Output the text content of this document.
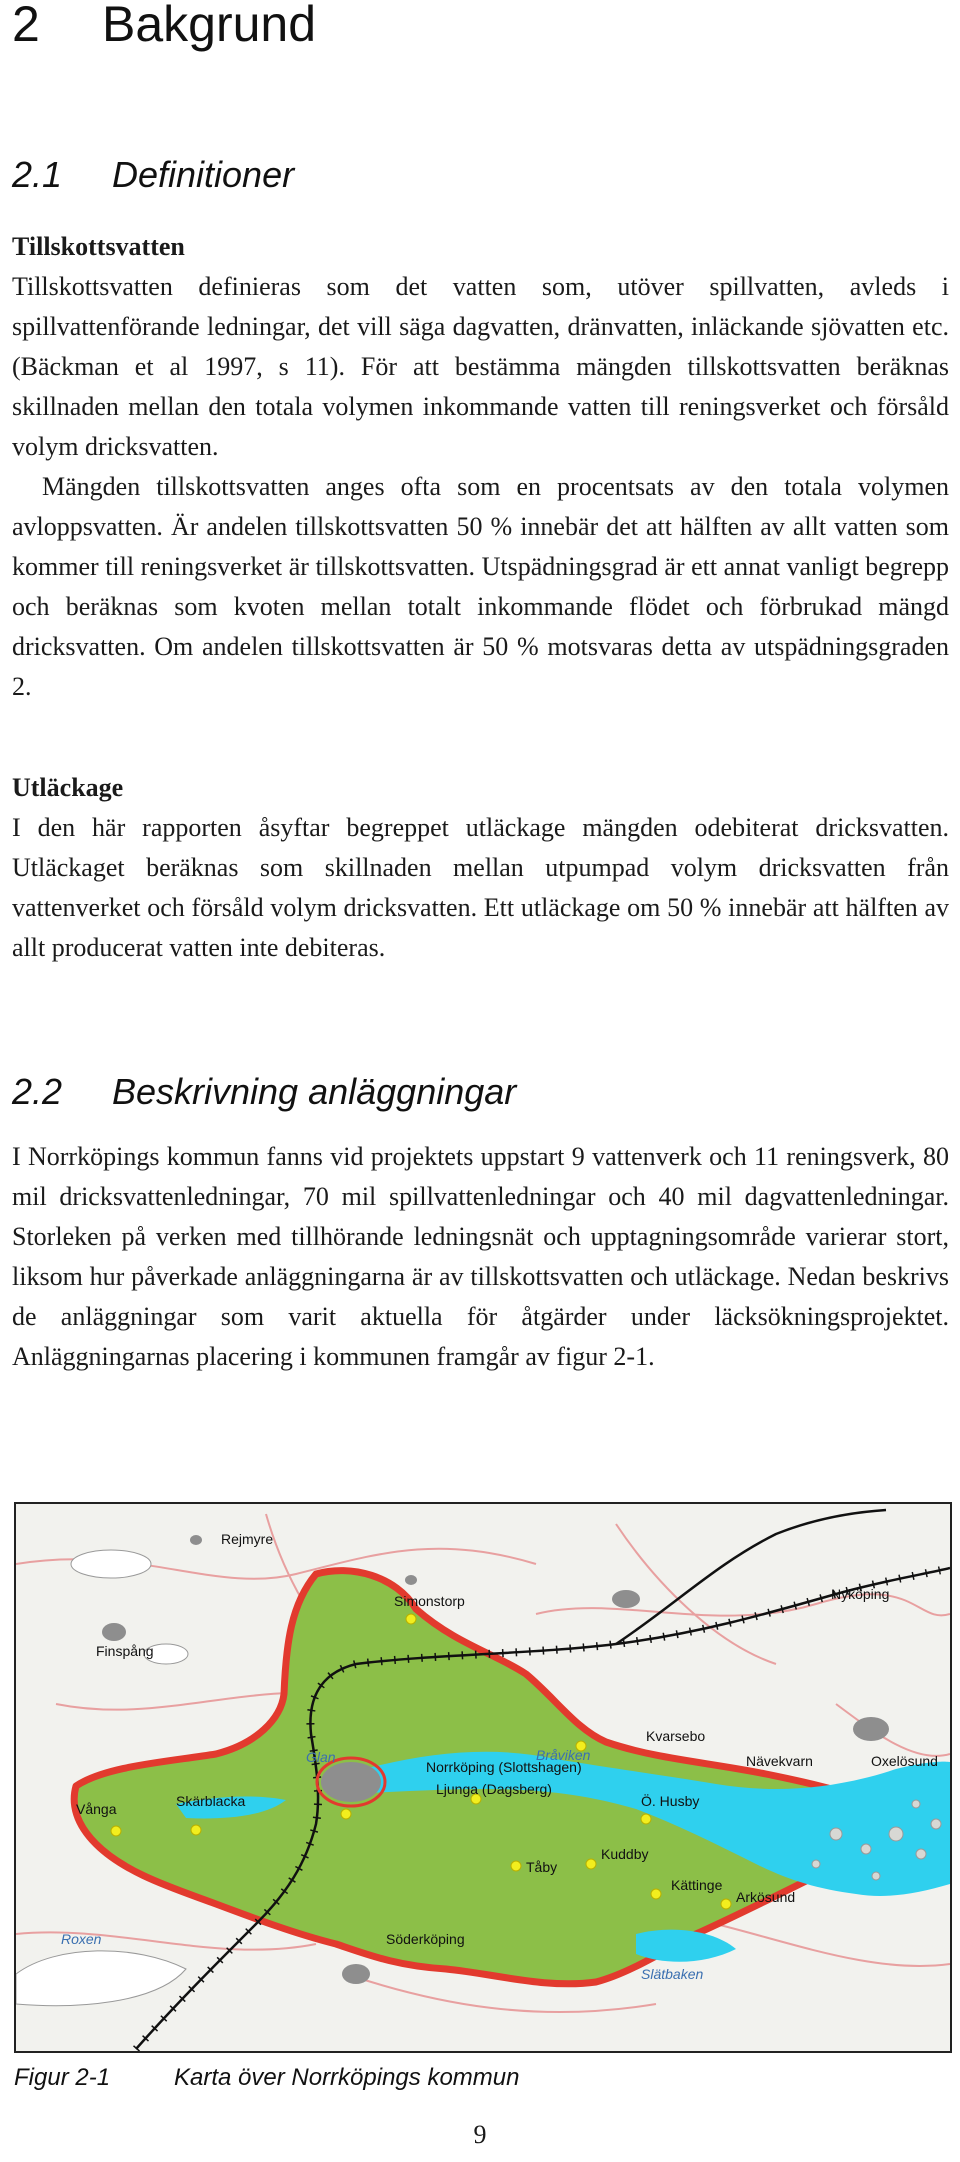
2 Bakgrund
2.1 Definitioner
Tillskottsvatten

Tillskottsvatten definieras som det vatten som, utöver spillvatten, avleds i spillvattenförande ledningar, det vill säga dagvatten, dränvatten, inläckande sjövatten etc. (Bäckman et al 1997, s 11). För att bestämma mängden tillskottsvatten beräknas skillnaden mellan den totala volymen inkommande vatten till reningsverket och försåld volym dricksvatten.

Mängden tillskottsvatten anges ofta som en procentsats av den totala volymen avloppsvatten. Är andelen tillskottsvatten 50 % innebär det att hälften av allt vatten som kommer till reningsverket är tillskottsvatten. Utspädningsgrad är ett annat vanligt begrepp och beräknas som kvoten mellan totalt inkommande flödet och förbrukad mängd dricksvatten. Om andelen tillskottsvatten är 50 % motsvaras detta av utspädningsgraden 2.

Utläckage

I den här rapporten åsyftar begreppet utläckage mängden odebiterat dricksvatten. Utläckaget beräknas som skillnaden mellan utpumpad volym dricksvatten från vattenverket och försåld volym dricksvatten. Ett utläckage om 50 % innebär att hälften av allt producerat vatten inte debiteras.

2.2 Beskrivning anläggningar

I Norrköpings kommun fanns vid projektets uppstart 9 vattenverk och 11 reningsverk, 80 mil dricksvattenledningar, 70 mil spillvattenledningar och 40 mil dagvattenledningar. Storleken på verken med tillhörande ledningsnät och upptagningsområde varierar stort, liksom hur påverkade anläggningarna är av tillskottsvatten och utläckage. Nedan beskrivs de anläggningar som varit aktuella för åtgärder under läcksökningsprojektet. Anläggningarnas placering i kommunen framgår av figur 2-1.

Rejmyre
Simonstorp
Finspång
Nyköping
Kvarsebo
Nävekvarn	Oxelösund
Glan
Norrköping (Slottshagen)
Ljunga (Dagsberg)
Bråviken
Vånga	Skärblacka	Ö. Husby
Kuddby
Tåby
Kättinge
Arkösund
Roxen	Söderköping
Slätbaken
Figur 2-1	Karta över Norrköpings kommun
9
